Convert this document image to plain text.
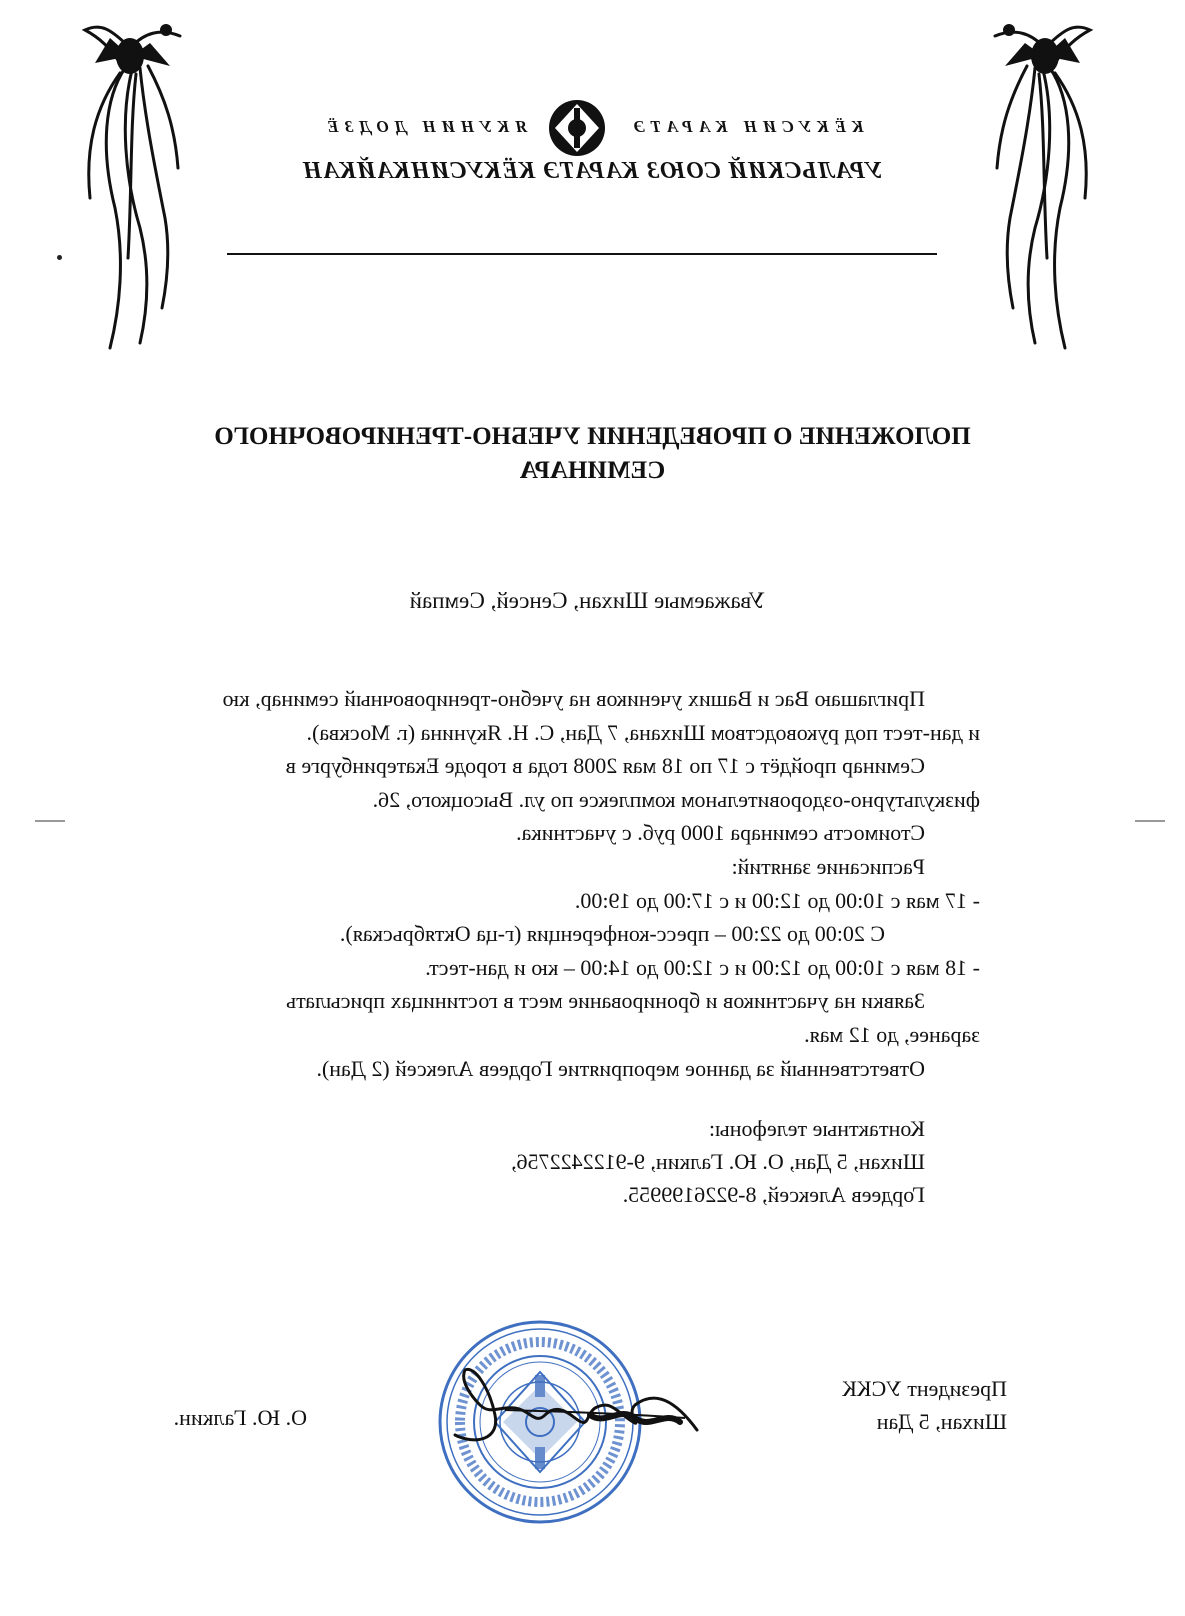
КЁКУСИН КАРАТЭ  ЯКУНИН ДОДЗЁ
УРАЛЬСКИЙ СОЮЗ КАРАТЭ КЁКУСИНКАЙКАН
ПОЛОЖЕНИЕ О ПРОВЕДЕНИИ УЧЕБНО-ТРЕНИРОВОЧНОГО
СЕМИНАРА
Уважаемые Шихан, Сенсей, Семпай

Приглашаю Вас и Ваших учеников на учебно-тренировочный семинар, кю

и дан-тест под руководством Шихана, 7 Дан, С. Н. Якунина (г. Москва).

Семинар пройдёт с 17 по 18 мая 2008 года в городе Екатеринбурге в

физкультурно-оздоровительном комплексе по ул. Высоцкого, 26.

Стоимость семинара 1000 руб. с участника.

Расписание занятий:

- 17 мая с 10:00 до 12:00 и с 17:00 до 19:00.

С 20:00 до 22:00 – пресс-конференция (г-ца Октябрьская).

- 18 мая с 10:00 до 12:00 и с 12:00 до 14:00 – кю и дан-тест.

Заявки на участников и бронирование мест в гостиницах присылать

заранее, до 12 мая.

Ответственный за данное мероприятие Гордеев Алексей (2 Дан).

Контактные телефоны:

Шихан, 5 Дан, О. Ю. Галкин, 9-9122422756,

Гордеев Алексей, 8-9226199955.

Президент УСКК

Шихан, 5 Дан

О. Ю. Галкин.
